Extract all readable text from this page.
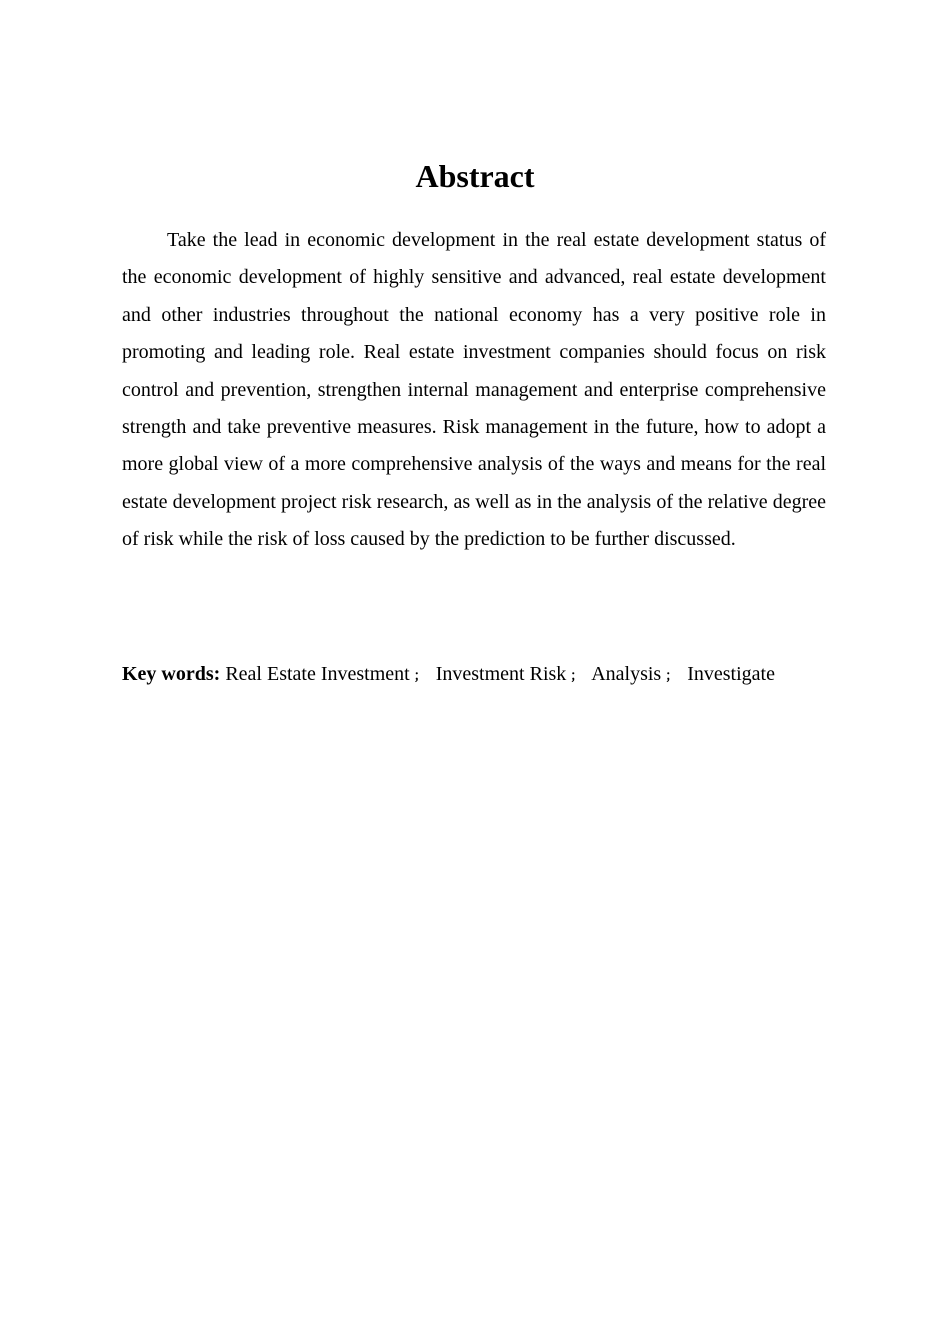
Abstract

Take the lead in economic development in the real estate development status of the economic development of highly sensitive and advanced, real estate development and other industries throughout the national economy has a very positive role in promoting and leading role. Real estate investment companies should focus on risk control and prevention, strengthen internal management and enterprise comprehensive strength and take preventive measures. Risk management in the future, how to adopt a more global view of a more comprehensive analysis of the ways and means for the real estate development project risk research, as well as in the analysis of the relative degree of risk while the risk of loss caused by the prediction to be further discussed.

Key words: Real Estate Investment ； Investment Risk ； Analysis ； Investigate
